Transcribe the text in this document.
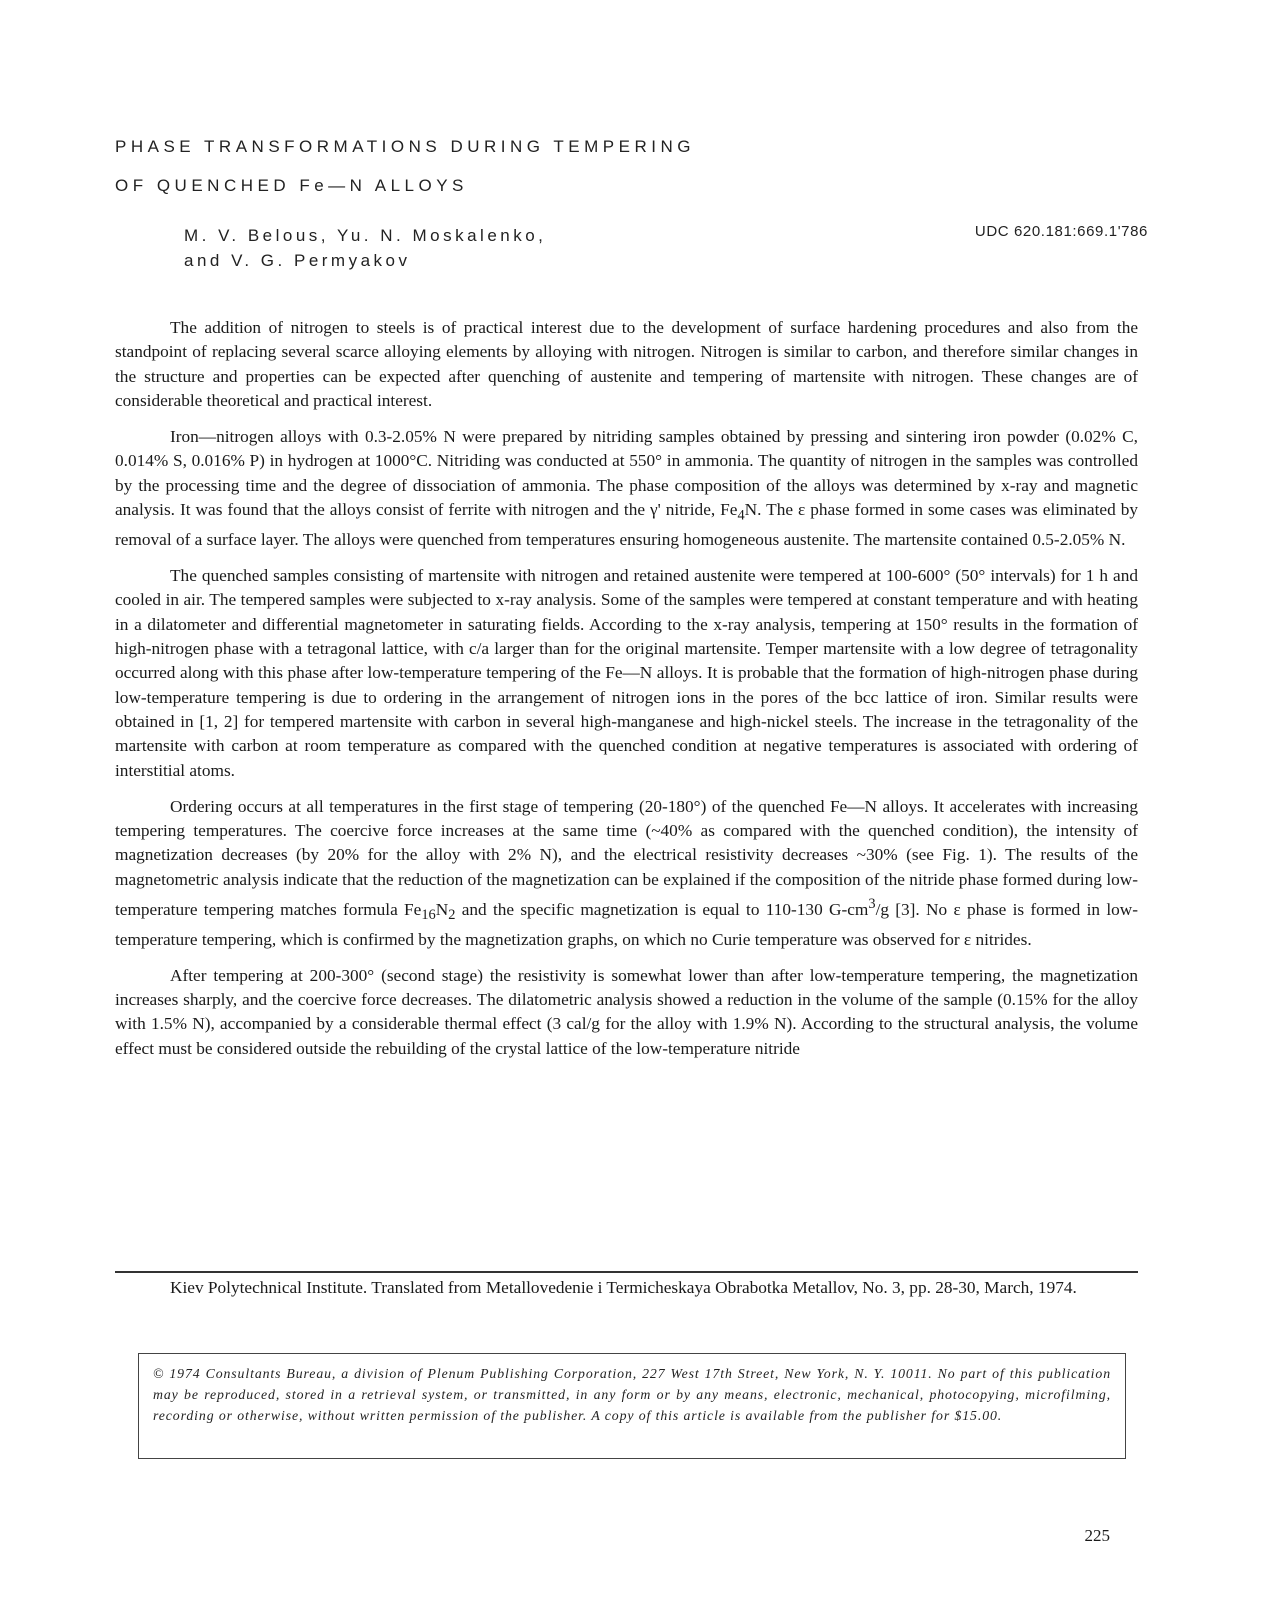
PHASE TRANSFORMATIONS DURING TEMPERING
OF QUENCHED Fe—N ALLOYS
M. V. Belous, Yu. N. Moskalenko,
and V. G. Permyakov
UDC 620.181:669.1'786

The addition of nitrogen to steels is of practical interest due to the development of surface hardening procedures and also from the standpoint of replacing several scarce alloying elements by alloying with nitrogen. Nitrogen is similar to carbon, and therefore similar changes in the structure and properties can be expected after quenching of austenite and tempering of martensite with nitrogen. These changes are of considerable theoretical and practical interest.

Iron—nitrogen alloys with 0.3-2.05% N were prepared by nitriding samples obtained by pressing and sintering iron powder (0.02% C, 0.014% S, 0.016% P) in hydrogen at 1000°C. Nitriding was conducted at 550° in ammonia. The quantity of nitrogen in the samples was controlled by the processing time and the degree of dissociation of ammonia. The phase composition of the alloys was determined by x-ray and magnetic analysis. It was found that the alloys consist of ferrite with nitrogen and the γ' nitride, $Fe_4N$. The ε phase formed in some cases was eliminated by removal of a surface layer. The alloys were quenched from temperatures ensuring homogeneous austenite. The martensite contained 0.5-2.05% N.

The quenched samples consisting of martensite with nitrogen and retained austenite were tempered at 100-600° (50° intervals) for 1 h and cooled in air. The tempered samples were subjected to x-ray analysis. Some of the samples were tempered at constant temperature and with heating in a dilatometer and differential magnetometer in saturating fields. According to the x-ray analysis, tempering at 150° results in the formation of high-nitrogen phase with a tetragonal lattice, with c/a larger than for the original martensite. Temper martensite with a low degree of tetragonality occurred along with this phase after low-temperature tempering of the Fe—N alloys. It is probable that the formation of high-nitrogen phase during low-temperature tempering is due to ordering in the arrangement of nitrogen ions in the pores of the bcc lattice of iron. Similar results were obtained in [1, 2] for tempered martensite with carbon in several high-manganese and high-nickel steels. The increase in the tetragonality of the martensite with carbon at room temperature as compared with the quenched condition at negative temperatures is associated with ordering of interstitial atoms.

Ordering occurs at all temperatures in the first stage of tempering (20-180°) of the quenched Fe—N alloys. It accelerates with increasing tempering temperatures. The coercive force increases at the same time (~40% as compared with the quenched condition), the intensity of magnetization decreases (by 20% for the alloy with 2% N), and the electrical resistivity decreases ~30% (see Fig. 1). The results of the magnetometric analysis indicate that the reduction of the magnetization can be explained if the composition of the nitride phase formed during low-temperature tempering matches formula $Fe_{16}N_2$ and the specific magnetization is equal to 110-130 $G-cm^3/g$ [3]. No ε phase is formed in low-temperature tempering, which is confirmed by the magnetization graphs, on which no Curie temperature was observed for ε nitrides.

After tempering at 200-300° (second stage) the resistivity is somewhat lower than after low-temperature tempering, the magnetization increases sharply, and the coercive force decreases. The dilatometric analysis showed a reduction in the volume of the sample (0.15% for the alloy with 1.5% N), accompanied by a considerable thermal effect (3 cal/g for the alloy with 1.9% N). According to the structural analysis, the volume effect must be considered outside the rebuilding of the crystal lattice of the low-temperature nitride

Kiev Polytechnical Institute. Translated from Metallovedenie i Termicheskaya Obrabotka Metallov, No. 3, pp. 28-30, March, 1974.
© 1974 Consultants Bureau, a division of Plenum Publishing Corporation, 227 West 17th Street, New York, N. Y. 10011. No part of this publication may be reproduced, stored in a retrieval system, or transmitted, in any form or by any means, electronic, mechanical, photocopying, microfilming, recording or otherwise, without written permission of the publisher. A copy of this article is available from the publisher for $15.00.
225
